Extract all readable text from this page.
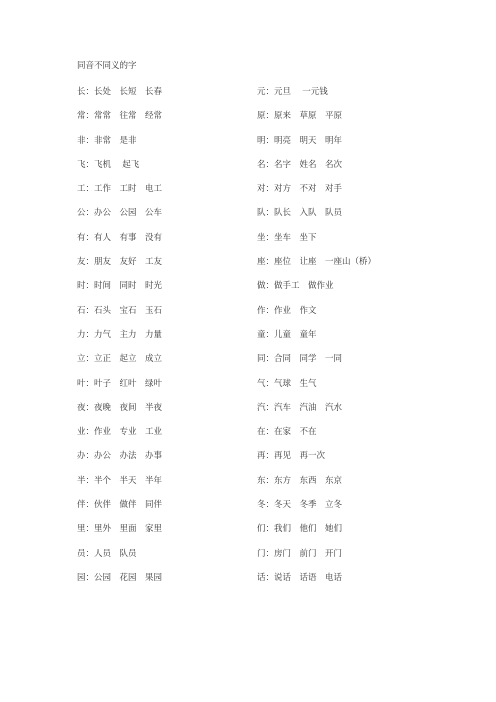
同音不同义的字
长：长处　长短　长春
常：常常　往常　经常
非：非常　是非
飞：飞机　 起飞
工：工作　工时　电工
公：办公　公园　公车
有：有人　有事　没有
友：朋友　友好　工友
时：时间　同时　时光
石：石头　宝石　玉石
力：力气　主力　力量
立：立正　起立　成立
叶：叶子　红叶　绿叶
夜：夜晚　夜间　半夜
业：作业　专业　工业
办：办公　办法　办事
半：半个　半天　半年
伴：伙伴　做伴　同伴
里：里外　里面　家里
员：人员　队员
园：公园　花园　果园
元：元旦　 一元钱
原：原来　草原　平原
明：明亮　明天　明年
名：名字　姓名　名次
对：对方　不对　对手
队：队长　入队　队员
坐：坐车　坐下
座：座位　让座　一座山（桥）
做：做手工　做作业
作：作业　作文
童：儿童　童年
同：合同　同学　一同
气：气球　生气
汽：汽车　汽油　汽水
在：在家　不在
再：再见　再一次
东：东方　东西　东京
冬：冬天　冬季　立冬
们：我们　他们　她们
门：房门　前门　开门
话：说话　话语　电话
